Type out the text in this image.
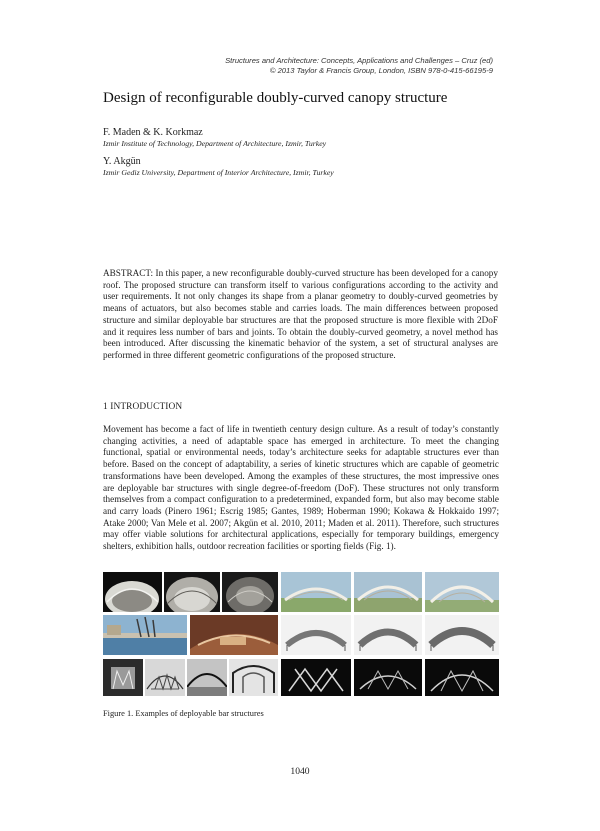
Structures and Architecture: Concepts, Applications and Challenges – Cruz (ed)
© 2013 Taylor & Francis Group, London, ISBN 978-0-415-66195-9
Design of reconfigurable doubly-curved canopy structure
F. Maden & K. Korkmaz
Izmir Institute of Technology, Department of Architecture, Izmir, Turkey
Y. Akgün
Izmir Gediz University, Department of Interior Architecture, Izmir, Turkey
ABSTRACT: In this paper, a new reconfigurable doubly-curved structure has been developed for a canopy roof. The proposed structure can transform itself to various configurations according to the activity and user requirements. It not only changes its shape from a planar geometry to doubly-curved geometries by means of actuators, but also becomes stable and carries loads. The main differences between proposed structure and similar deployable bar structures are that the proposed structure is more flexible with 2DoF and it requires less number of bars and joints. To obtain the doubly-curved geometry, a novel method has been introduced. After discussing the kinematic behavior of the system, a set of structural analyses are performed in three different geometric configurations of the proposed structure.
1 INTRODUCTION
Movement has become a fact of life in twentieth century design culture. As a result of today’s constantly changing activities, a need of adaptable space has emerged in architecture. To meet the changing functional, spatial or environmental needs, today’s architecture seeks for adaptable structures ever than before. Based on the concept of adaptability, a series of kinetic structures which are capable of geometric transformations have been developed. Among the examples of these structures, the most impressive ones are deployable bar structures with single degree-of-freedom (DoF). These structures not only transform themselves from a compact configuration to a predetermined, expanded form, but also may become stable and carry loads (Pinero 1961; Escrig 1985; Gantes, 1989; Hoberman 1990; Kokawa & Hokkaido 1997; Atake 2000; Van Mele et al. 2007; Akgün et al. 2010, 2011; Maden et al. 2011). Therefore, such structures may offer viable solutions for architectural applications, especially for temporary buildings, emergency shelters, exhibition halls, outdoor recreation facilities or sporting fields (Fig. 1).
Figure 1. Examples of deployable bar structures
1040
